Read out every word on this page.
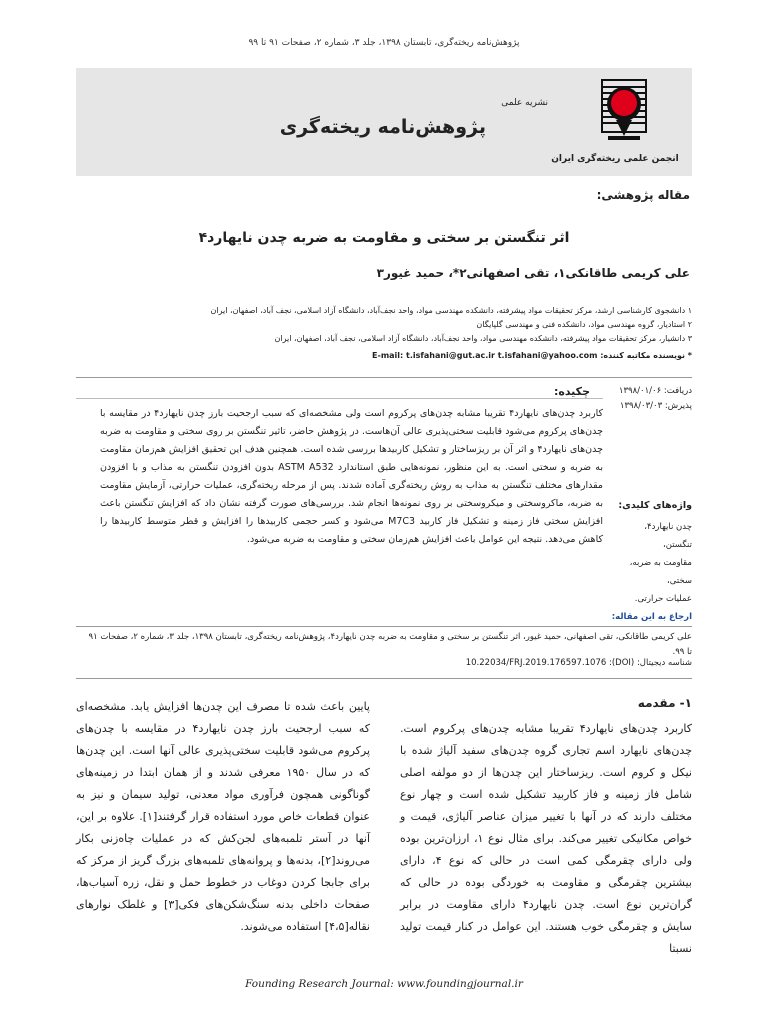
پژوهش‌نامه ریخته‌گری، تابستان ۱۳۹۸، جلد ۳، شماره ۲، صفحات ۹۱ تا ۹۹
انجمن علمی ریخته‌گری ایران
نشریه علمی
پژوهش‌نامه ریخته‌گری
مقاله پژوهشی:
اثر تنگستن بر سختی و مقاومت به ضربه چدن نایهارد۴
علی کریمی طاقانکی۱، تقی اصفهانی۲*، حمید غیور۳
۱ دانشجوی کارشناسی ارشد، مرکز تحقیقات مواد پیشرفته، دانشکده مهندسی مواد، واحد نجف‌آباد، دانشگاه آزاد اسلامی، نجف آباد، اصفهان، ایران
۲ استادیار، گروه مهندسی مواد، دانشکده فنی و مهندسی گلپایگان
۳ دانشیار، مرکز تحقیقات مواد پیشرفته، دانشکده مهندسی مواد، واحد نجف‌آباد، دانشگاه آزاد اسلامی، نجف آباد، اصفهان، ایران
* نویسنده مکاتبه کننده: E-mail: t.isfahani@gut.ac.ir t.isfahani@yahoo.com
دریافت: ۱۳۹۸/۰۱/۰۶
پذیرش: ۱۳۹۸/۰۳/۰۳
چکیده:
کاربرد چدن‌های نایهارد۴ تقریبا مشابه چدن‌های پرکروم است ولی مشخصه‌ای که سبب ارجحیت بارز چدن نایهارد۴ در مقایسه با چدن‌های پرکروم می‌شود قابلیت سختی‌پذیری عالی آن‌هاست. در پژوهش حاضر، تاثیر تنگستن بر روی سختی و مقاومت به ضربه چدن‌های نایهارد۴ و اثر آن بر ریزساختار و تشکیل کاربیدها بررسی شده است. همچنین هدف این تحقیق افزایش هم‌زمان مقاومت به ضربه و سختی است. به این منظور، نمونه‌هایی طبق استاندارد ASTM A532 بدون افزودن تنگستن به مذاب و با افزودن مقدارهای مختلف تنگستن به مذاب به روش ریخته‌گری آماده شدند. پس از مرحله ریخته‌گری، عملیات حرارتی، آزمایش مقاومت به ضربه، ماکروسختی و میکروسختی بر روی نمونه‌ها انجام شد. بررسی‌های صورت گرفته نشان داد که افزایش تنگستن باعث افزایش سختی فاز زمینه و تشکیل فاز کاربید M7C3 می‌شود و کسر حجمی کاربیدها را افزایش و قطر متوسط کاربیدها را کاهش می‌دهد. نتیجه این عوامل باعث افزایش هم‌زمان سختی و مقاومت به ضربه می‌شود.
واژه‌های کلیدی:
چدن نایهارد۴،
تنگستن،
مقاومت به ضربه،
سختی،
عملیات حرارتی.
ارجاع به این مقاله:
علی کریمی طاقانکی، تقی اصفهانی، حمید غیور، اثر تنگستن بر سختی و مقاومت به ضربه چدن نایهارد۴، پژوهش‌نامه ریخته‌گری، تابستان ۱۳۹۸، جلد ۳، شماره ۲، صفحات ۹۱ تا ۹۹.
شناسه دیجیتال: (DOI): 10.22034/FRJ.2019.176597.1076
۱- مقدمه
کاربرد چدن‌های نایهارد۴ تقریبا مشابه چدن‌های پرکروم است. چدن‌های نایهارد اسم تجاری گروه چدن‌های سفید آلیاژ شده با نیکل و کروم است. ریزساختار این چدن‌ها از دو مولفه اصلی شامل فاز زمینه و فاز کاربید تشکیل شده است و چهار نوع مختلف دارند که در آنها با تغییر میزان عناصر آلیاژی، قیمت و خواص مکانیکی تغییر می‌کند. برای مثال نوع ۱، ارزان‌ترین بوده ولی دارای چقرمگی کمی است در حالی که نوع ۴، دارای بیشترین چقرمگی و مقاومت به خوردگی بوده در حالی که گران‌ترین نوع است. چدن نایهارد۴ دارای مقاومت در برابر سایش و چقرمگی خوب هستند. این عوامل در کنار قیمت تولید نسبتا
پایین باعث شده تا مصرف این چدن‌ها افزایش یابد. مشخصه‌ای که سبب ارجحیت بارز چدن نایهارد۴ در مقایسه با چدن‌های پرکروم می‌شود قابلیت سختی‌پذیری عالی آنها است. این چدن‌ها که در سال ۱۹۵۰ معرفی شدند و از همان ابتدا در زمینه‌های گوناگونی همچون فرآوری مواد معدنی، تولید سیمان و نیز به عنوان قطعات خاص مورد استفاده قرار گرفتند[۱]. علاوه بر این، آنها در آستر تلمبه‌های لجن‌کش که در عملیات چاه‌زنی بکار می‌روند[۲]، بدنه‌ها و پروانه‌های تلمبه‌های بزرگ گریز از مرکز که برای جابجا کردن دوغاب در خطوط حمل و نقل، زره آسیاب‌ها، صفحات داخلی بدنه سنگ‌شکن‌های فکی[۳] و غلطک نوارهای نقاله[۴،۵] استفاده می‌شوند.
Founding Research Journal: www.foundingjournal.ir
